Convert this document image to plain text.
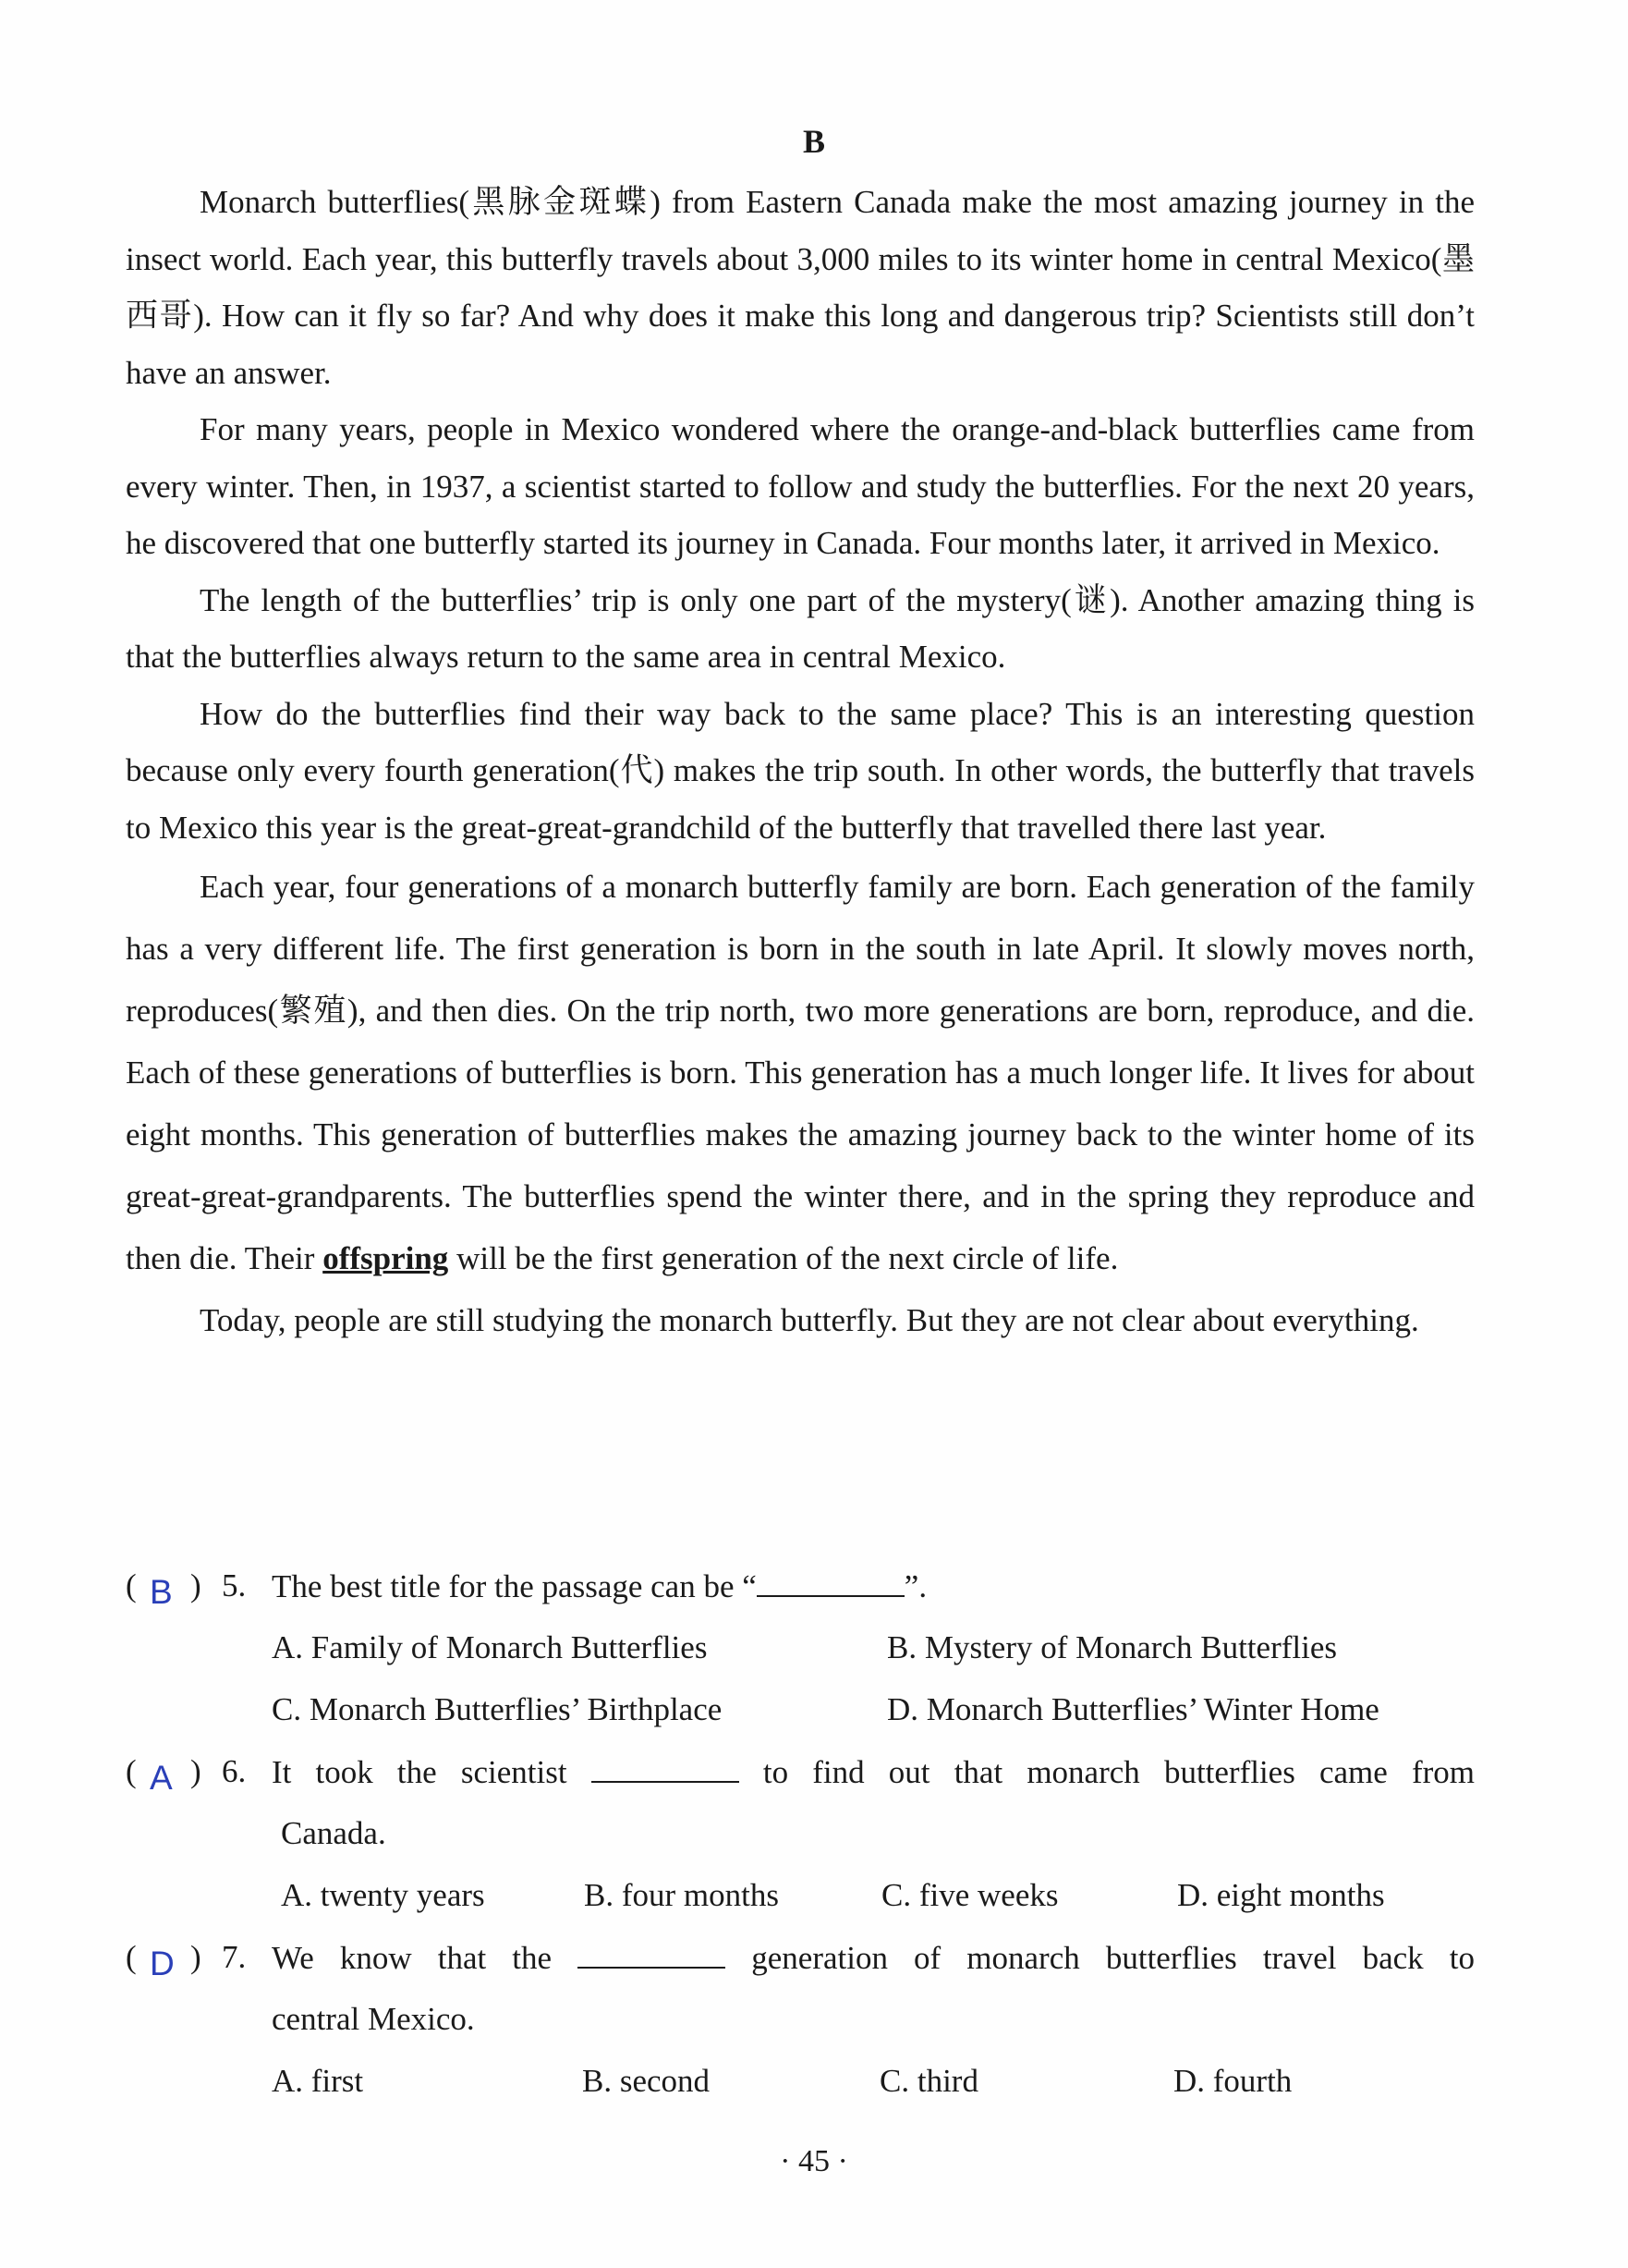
B

Monarch butterflies(黑脉金斑蝶) from Eastern Canada make the most amazing journey in the insect world. Each year, this butterfly travels about 3,000 miles to its winter home in central Mexico(墨西哥). How can it fly so far? And why does it make this long and dangerous trip? Scientists still don’t have an answer.

For many years, people in Mexico wondered where the orange-and-black butterflies came from every winter. Then, in 1937, a scientist started to follow and study the butterflies. For the next 20 years, he discovered that one butterfly started its journey in Canada. Four months later, it arrived in Mexico.

The length of the butterflies’ trip is only one part of the mystery(谜). Another amazing thing is that the butterflies always return to the same area in central Mexico.

How do the butterflies find their way back to the same place? This is an interesting question because only every fourth generation(代) makes the trip south. In other words, the butterfly that travels to Mexico this year is the great-great-grandchild of the butterfly that travelled there last year.

Each year, four generations of a monarch butterfly family are born. Each generation of the family has a very different life. The first generation is born in the south in late April. It slowly moves north, reproduces(繁殖), and then dies. On the trip north, two more generations are born, reproduce, and die. Each of these generations of butterflies is born. This generation has a much longer life. It lives for about eight months. This generation of butterflies makes the amazing journey back to the winter home of its great-great-grandparents. The butterflies spend the winter there, and in the spring they reproduce and then die. Their offspring will be the first generation of the next circle of life.

Today, people are still studying the monarch butterfly. But they are not clear about everything.

( B ) 5. The best title for the passage can be “	”.
A. Family of Monarch Butterflies	B. Mystery of Monarch Butterflies
C. Monarch Butterflies’ Birthplace	D. Monarch Butterflies’ Winter Home
( A ) 6. It took the scientist	to find out that monarch butterflies came from
Canada.
A. twenty years	B. four months	C. five weeks	D. eight months
( D ) 7. We know that the	generation of monarch butterflies travel back to
central Mexico.
A. first	B. second	C. third	D. fourth
· 45 ·
